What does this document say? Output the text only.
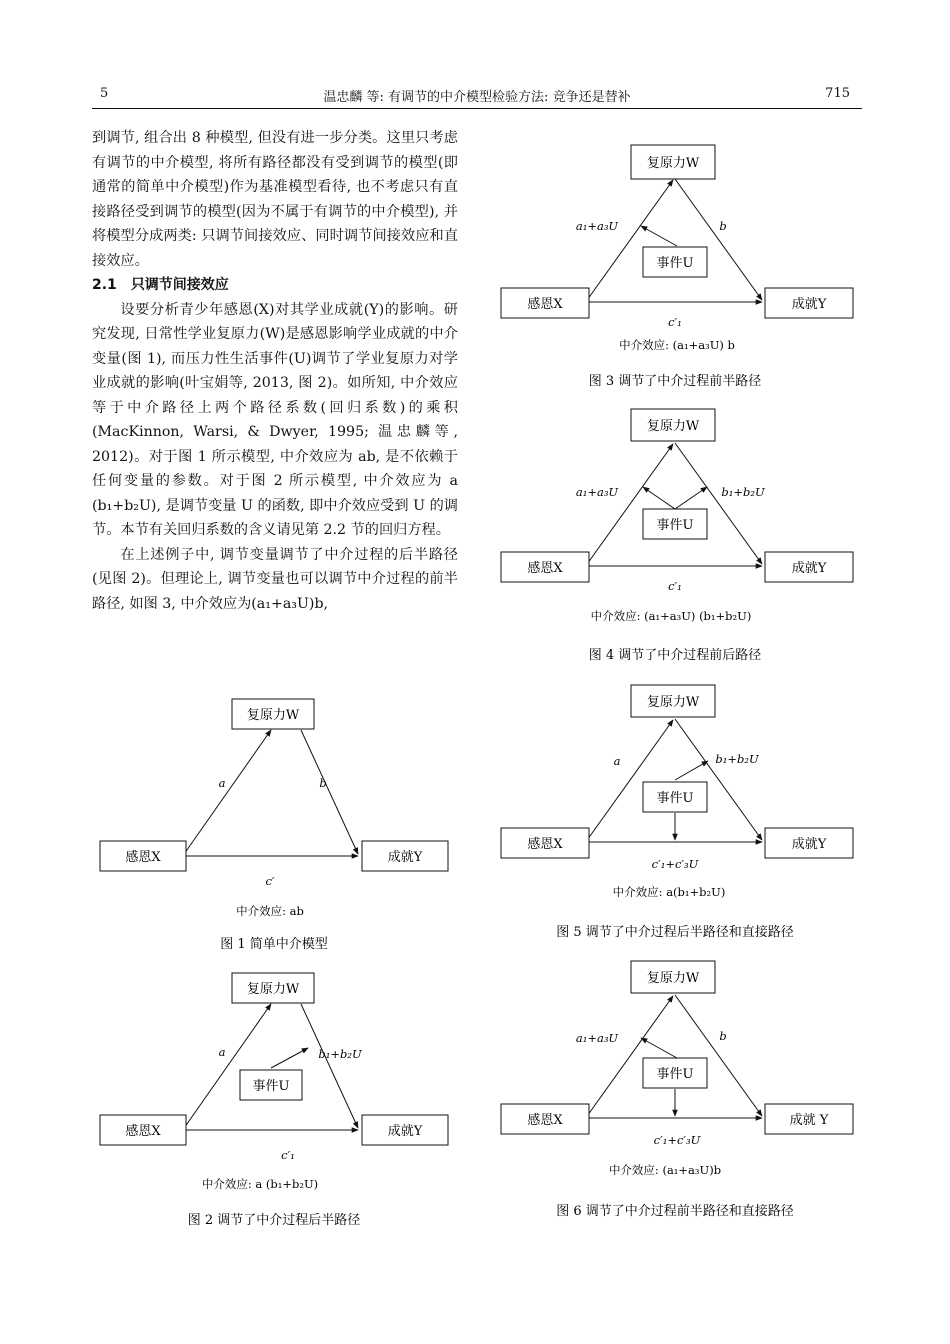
5	温忠麟 等: 有调节的中介模型检验方法: 竞争还是替补	715

到调节, 组合出 8 种模型, 但没有进一步分类。这里只考虑有调节的中介模型, 将所有路径都没有受到调节的模型(即通常的简单中介模型)作为基准模型看待, 也不考虑只有直接路径受到调节的模型(因为不属于有调节的中介模型), 并将模型分成两类: 只调节间接效应、同时调节间接效应和直接效应。

2.1 只调节间接效应

设要分析青少年感恩(X)对其学业成就(Y)的影响。研究发现, 日常性学业复原力(W)是感恩影响学业成就的中介变量(图 1), 而压力性生活事件(U)调节了学业复原力对学业成就的影响(叶宝娟等, 2013, 图 2)。如所知, 中介效应等于中介路径上两个路径系数(回归系数)的乘积(MacKinnon, Warsi, & Dwyer, 1995; 温忠麟等, 2012)。对于图 1 所示模型, 中介效应为 ab, 是不依赖于任何变量的参数。对于图 2 所示模型, 中介效应为 a (b₁+b₂U), 是调节变量 U 的函数, 即中介效应受到 U 的调节。本节有关回归系数的含义请见第 2.2 节的回归方程。

在上述例子中, 调节变量调节了中介过程的后半路径(见图 2)。但理论上, 调节变量也可以调节中介过程的前半路径, 如图 3, 中介效应为(a₁+a₃U)b,

复原力W
感恩X	成就Y
a	b
c′
中介效应: ab
图 1 简单中介模型
复原力W
感恩X	成就Y
事件U
a	b₁+b₂U
c′₁
中介效应: a (b₁+b₂U)
图 2 调节了中介过程后半路径
复原力W
感恩X	成就Y
事件U
a₁+a₃U	b
c′₁
中介效应: (a₁+a₃U) b
图 3 调节了中介过程前半路径
复原力W
感恩X	成就Y
事件U
a₁+a₃U	b₁+b₂U
c′₁
中介效应: (a₁+a₃U) (b₁+b₂U)
图 4 调节了中介过程前后路径
复原力W
感恩X	成就Y
事件U
a	b₁+b₂U
c′₁+c′₃U
中介效应: a(b₁+b₂U)
图 5 调节了中介过程后半路径和直接路径
复原力W
感恩X	成就 Y
事件U
a₁+a₃U	b
c′₁+c′₃U
中介效应: (a₁+a₃U)b
图 6 调节了中介过程前半路径和直接路径
